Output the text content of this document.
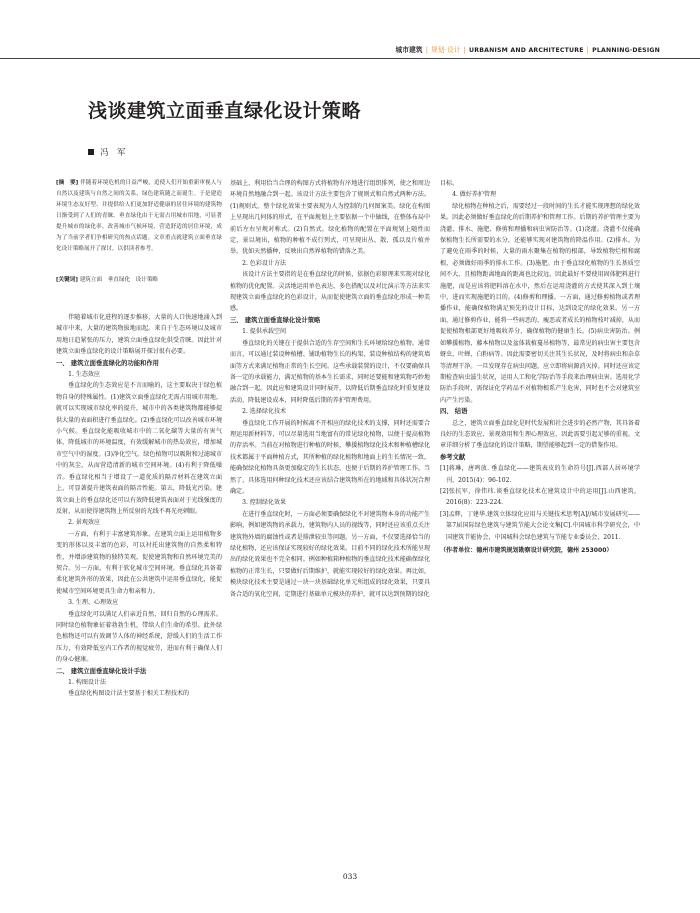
城市建筑 | 规划·设计 | URBANISM AND ARCHITECTURE | PLANNING·DESIGN
浅谈建筑立面垂直绿化设计策略
冯　军
[摘　要] 伴随着环境危机的日益严峻，追使人们开始重新审视人与自然以及建筑与自然之间的关系，绿色建筑随之而诞生。于是建造环境生态友好型、并提供给人们更加舒适健康的居住环境的建筑物日渐受到了人们的青睐。垂直绿化由于无需占用城市用地，可显著提升城市的绿化率、改善城市气候环境、营造舒适的居住环境，成为了当前学者们争相研究的热点话题。文章重点就建筑立面垂直绿化设计策略展开了探讨，以供读者参考。
[关键词] 建筑立面　垂直绿化　设计策略
伴随着城市化进程的逐步推移，大量的人口快速地涌入到城市中来，大量的建筑物拔地而起。来自于生态环境以及城市用地日趋紧张的压力，建筑立面垂直绿化供受青睐。因此针对建筑立面垂直绿化的设计策略展开探讨很有必要。
一、 建筑立面垂直绿化的功能和作用
1. 生态效应
垂直绿化的生态效应是不言而喻的，这主要取决于绿色植物自身的特殊属性。(1)建筑立面垂直绿化无需占用城市用地，就可以实现城市绿化率的提升，城市中的各类建筑物都能够提供大量的表面积进行垂直绿化。(2)垂直绿化可以改善城市环境小气候。垂直绿化能吸收城市中的二氧化碳等大量的有害气体，降低城市的环境温度，有效缓解城市的热岛效应，增加城市空气中的湿度。(3)净化空气。绿色植物可以吸附和过滤城市中的灰尘，从而营造清新的城市空间环境。(4)有利于降低噪音。垂直绿化相当于增设了一道优质的隔音材料在建筑立面上，可显著提升建筑表面的隔音性能。第五，降低光污染。建筑立面上的垂直绿化还可以有效降低建筑表面对于光线强度的反射，从而使得建筑物上所反射的光线不再光亮刺眼。
2. 景观效应
一方面，有利于丰富建筑形象。在建筑立面上运用植物多变的形体以及丰富的色彩，可以衬托出建筑物的自然柔和特性，并增添建筑物的独特美观，促使建筑物和自然环境完美的契合。另一方面，有利于软化城市空间环境。垂直绿化具备着柔化建筑外形的效果，因此在公共建筑中运用垂直绿化，能促使城市空间环境更具生命力和亲和力。
3. 生理、心理效应
垂直绿化可以满足人们亲近自然、回归自然的心理需求。同时绿色植物象征着勃勃生机，带给人们生命的希望。此外绿色植物还可以有效调节人体的神经系统，舒缓人们的生活工作压力，有效降低室内工作者的视觉疲劳，进而有利于确保人们的身心健康。
二、 建筑立面垂直绿化设计手法
1. 构图设计法
垂直绿化构图设计法主要基于相关工程技术的
基础上，利用恰当合理的构图方式将植物有序地进行组织排列，使之和周边环境自然地融合到一起。该设计方法主要包含了规则式和自然式两种方法。(1)规则式。整个绿化效果主要表现为人为控制的几何图案美。绿化在构图上呈现出几何体的形式，在平面规划上主要依据一个中轴线，在整体布局中前后左右呈规对称式。(2)自然式。绿化植物的配置在平面规划上随性而定，景以境出，植物的种植不成行列式，可呈现出丛、散、孤以及片植并举，犹如天然播种，反映出自然界植物的错落之美。
2. 色彩设计方法
该设计方法主要指的是在垂直绿化的时候，依据色彩原理来实现对绿化植物的优化配置。灵活地运用单色表达、多色搭配以及对比演示等方法来实现建筑立面垂直绿化的色彩设计，从而促使建筑立面的垂直绿化形成一种美感。
三、 建筑立面垂直绿化设计策略
1. 提供承载空间
垂直绿化的关键在于提供合适的生存空间和生长环境给绿色植物。通常而言，可以通过装设种植槽、铺助植物生长的构架、装设种植结构的建筑墙面等方式来满足植物正常的生长空间。这些承载装置的设计，不仅要确保具备一定的承载能力，满足植物的基本生长需求，同时还要能和建筑物巧妙地融合到一起。因此应和建筑设计同时展开，以降低后期垂直绿化时重复建设活动，降低建设成本，同时降低后期的养护管理费用。
2. 选择绿化技术
垂直绿化工作开展的时候离不开相应的绿化技术的支撑，同时还需要合理运用新材料等，可以尽量选用当地富有的常见绿化植物，以便于提高植物的存活率。当前在对植物进行种植的时候，攀援植物绿化技术和种植槽绿化技术都属于平面种植方式，其所种植的绿化植物和地面上的生长情况一致，能确保绿化植物具备更加稳定的生长状态，也便于后期的养护管理工作。当然了，具体选用何种绿化技术还应该结合建筑物所在的地域和具体状况合理确定。
3. 控制绿化效果
在进行垂直绿化时，一方面必须要确保绿化不对建筑物本身的功能产生影响，例如建筑物的承载力，建筑物内人员的视线等，同时还应该重点关注建筑物外墙的腐蚀性或者是排泄较虫等问题。另一方面，不仅要选择恰当的绿化植物，还应该保证实现较好的绿化效果。目前不同的绿化技术所能呈现出的绿化效果也不完全相同。例如种植箱种植物的垂直绿化技术能确保绿化植物的正常生长，只要做好后期维护，就能实现较好的绿化效果。再比如，模块绿化技术主要是通过一块一块基础绿化单元所组成的绿化效果，只要具备合适的氧化空间，定期进行基础单元模块的养护，就可以达到预期的绿化
目标。
4. 做好养护管理
绿化植物在种植之后，需要经过一段时间的生长才能实现理想的绿化效果。因此必须做好垂直绿化的后期养护和管理工作。后期的养护管理主要为浇灌、排水、施肥、修剪和理播和病虫害防治等。(1)浇灌。浇灌不仅能确保植物生长所需要的水分，还能够实现对建筑物的降温作用。(2)排水。为了避免在雨季的时候，大量的雨水聚集在植物的根部，导致植物烂根和腐根，必须做好雨季的排水工作。(3)施肥。由于垂直绿化植物的生长基质空间不大，且植物距离地面的距离也比较远。因此最好不要使用固体肥料进行施肥，而是应该将肥料溶在水中，然后在运用浇灌的方式使其深入到土壤中，进而实现施肥的目的。(4)修剪和理播。一方面，通过修剪植物或者理播作业，能确保植物满足预先的设计目标，达到设定的绿化效果。另一方面，通过修剪作业，能将一些病恶的、瘦恶或者成长的植物枝叶减掉，从而促使植物根部更好地吸收养分，确保植物的健康生长。(5)病虫害防治。例如攀援植物、藤本植物以及盆体栽植蔓吊植物等，最常见的病虫害主要包含蚜虫、叶蝉、白粉病等。因此需要密切关注其生长状况，及时将病虫和杂草等清理干净。一旦发现存在病虫问题，应立即将病源消灭掉。同时还应该定期检查病虫滋生状况，运用人工和化学防治等手段来治理病虫害。选用化学防治手段时，需保证化学药品不对植物根系产生危害，同时也不会对建筑室内产生污染。
四、 结语
总之，建筑立面垂直绿化是时代发展和社会进步的必然产物，其具备着良好的生态效应、景观效用和生理心理效应，因此需要引起足够的重视。文章详细分析了垂直绿化的设计策略，期望能够起到一定的借鉴作用。
参考文献
[1]蒋琳，唐鸣放. 垂直绿化——建筑表皮的生命符号[J].西部人居环境学刊，2015(4)：96-102.
[2]张抗军，徐伟玮.谈垂直绿化技术在建筑设计中的运用[J].山西建筑，2016(8)：223-224.
[3]孟辉，丁建华.建筑立体绿化应用与关键技术思考[A]//城市发展研究——第7届国际绿色建筑与建筑节能大会论文集[C].中国城市科学研究会，中国建筑节能协会，中国城科会绿色建筑与节能专业委员会，2011.
（作者单位：德州市建筑规划勘察设计研究院，德州 253000）
033
